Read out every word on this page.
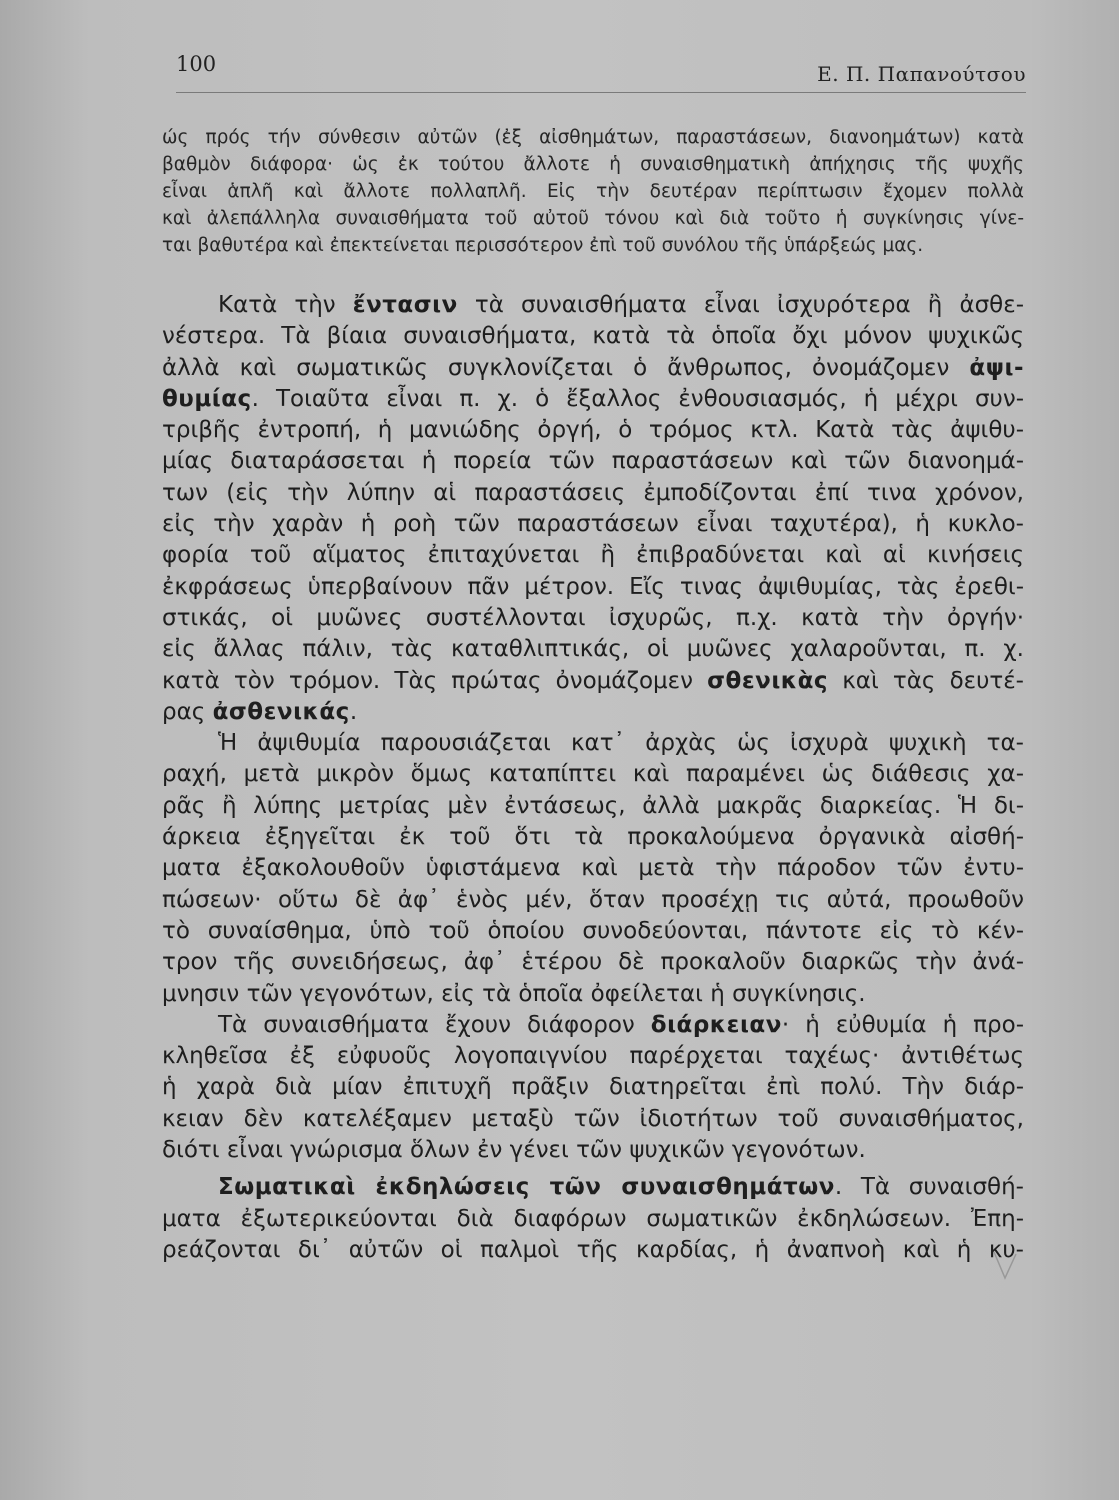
100	Ε. Π. Παπανούτσου
ώς πρός τήν σύνθεσιν αὐτῶν (ἐξ αἰσθημάτων, παραστάσεων, διανοημάτων) κατὰ
βαθμὸν διάφορα· ὡς ἐκ τούτου ἄλλοτε ἡ συναισθηματικὴ ἀπήχησις τῆς ψυχῆς
εἶναι ἁπλῆ καὶ ἄλλοτε πολλαπλῆ. Εἰς τὴν δευτέραν περίπτωσιν ἔχομεν πολλὰ
καὶ ἀλεπάλληλα συναισθήματα τοῦ αὐτοῦ τόνου καὶ διὰ τοῦτο ἡ συγκίνησις γίνε-
ται βαθυτέρα καὶ ἐπεκτείνεται περισσότερον ἐπὶ τοῦ συνόλου τῆς ὑπάρξεώς μας.
Κατὰ τὴν ἔντασιν τὰ συναισθήματα εἶναι ἰσχυρότερα ἢ ἀσθε-
νέστερα. Τὰ βίαια συναισθήματα, κατὰ τὰ ὁποῖα ὄχι μόνον ψυχικῶς
ἀλλὰ καὶ σωματικῶς συγκλονίζεται ὁ ἄνθρωπος, ὀνομάζομεν ἀψι-
θυμίας. Τοιαῦτα εἶναι π. χ. ὁ ἔξαλλος ἐνθουσιασμός, ἡ μέχρι συν-
τριβῆς ἐντροπή, ἡ μανιώδης ὀργή, ὁ τρόμος κτλ. Κατὰ τὰς ἀψιθυ-
μίας διαταράσσεται ἡ πορεία τῶν παραστάσεων καὶ τῶν διανοημά-
των (εἰς τὴν λύπην αἱ παραστάσεις ἐμποδίζονται ἐπί τινα χρόνον,
εἰς τὴν χαρὰν ἡ ροὴ τῶν παραστάσεων εἶναι ταχυτέρα), ἡ κυκλο-
φορία τοῦ αἵματος ἐπιταχύνεται ἢ ἐπιβραδύνεται καὶ αἱ κινήσεις
ἐκφράσεως ὑπερβαίνουν πᾶν μέτρον. Εἴς τινας ἀψιθυμίας, τὰς ἐρεθι-
στικάς, οἱ μυῶνες συστέλλονται ἰσχυρῶς, π.χ. κατὰ τὴν ὀργήν·
εἰς ἄλλας πάλιν, τὰς καταθλιπτικάς, οἱ μυῶνες χαλαροῦνται, π. χ.
κατὰ τὸν τρόμον. Τὰς πρώτας ὀνομάζομεν σθενικὰς καὶ τὰς δευτέ-
ρας ἀσθενικάς.
Ἡ ἀψιθυμία παρουσιάζεται κατ᾿ ἀρχὰς ὡς ἰσχυρὰ ψυχικὴ τα-
ραχή, μετὰ μικρὸν ὅμως καταπίπτει καὶ παραμένει ὡς διάθεσις χα-
ρᾶς ἢ λύπης μετρίας μὲν ἐντάσεως, ἀλλὰ μακρᾶς διαρκείας. Ἡ δι-
άρκεια ἐξηγεῖται ἐκ τοῦ ὅτι τὰ προκαλούμενα ὀργανικὰ αἰσθή-
ματα ἐξακολουθοῦν ὑφιστάμενα καὶ μετὰ τὴν πάροδον τῶν ἐντυ-
πώσεων· οὕτω δὲ ἀφ᾿ ἑνὸς μέν, ὅταν προσέχῃ τις αὐτά, προωθοῦν
τὸ συναίσθημα, ὑπὸ τοῦ ὁποίου συνοδεύονται, πάντοτε εἰς τὸ κέν-
τρον τῆς συνειδήσεως, ἀφ᾿ ἑτέρου δὲ προκαλοῦν διαρκῶς τὴν ἀνά-
μνησιν τῶν γεγονότων, εἰς τὰ ὁποῖα ὀφείλεται ἡ συγκίνησις.
Τὰ συναισθήματα ἔχουν διάφορον διάρκειαν· ἡ εὐθυμία ἡ προ-
κληθεῖσα ἐξ εὐφυοῦς λογοπαιγνίου παρέρχεται ταχέως· ἀντιθέτως
ἡ χαρὰ διὰ μίαν ἐπιτυχῆ πρᾶξιν διατηρεῖται ἐπὶ πολύ. Τὴν διάρ-
κειαν δὲν κατελέξαμεν μεταξὺ τῶν ἰδιοτήτων τοῦ συναισθήματος,
διότι εἶναι γνώρισμα ὅλων ἐν γένει τῶν ψυχικῶν γεγονότων.
Σωματικαὶ ἐκδηλώσεις τῶν συναισθημάτων. Τὰ συναισθή-
ματα ἐξωτερικεύονται διὰ διαφόρων σωματικῶν ἐκδηλώσεων. Ἐπη-
ρεάζονται δι᾿ αὐτῶν οἱ παλμοὶ τῆς καρδίας, ἡ ἀναπνοὴ καὶ ἡ κυ-
